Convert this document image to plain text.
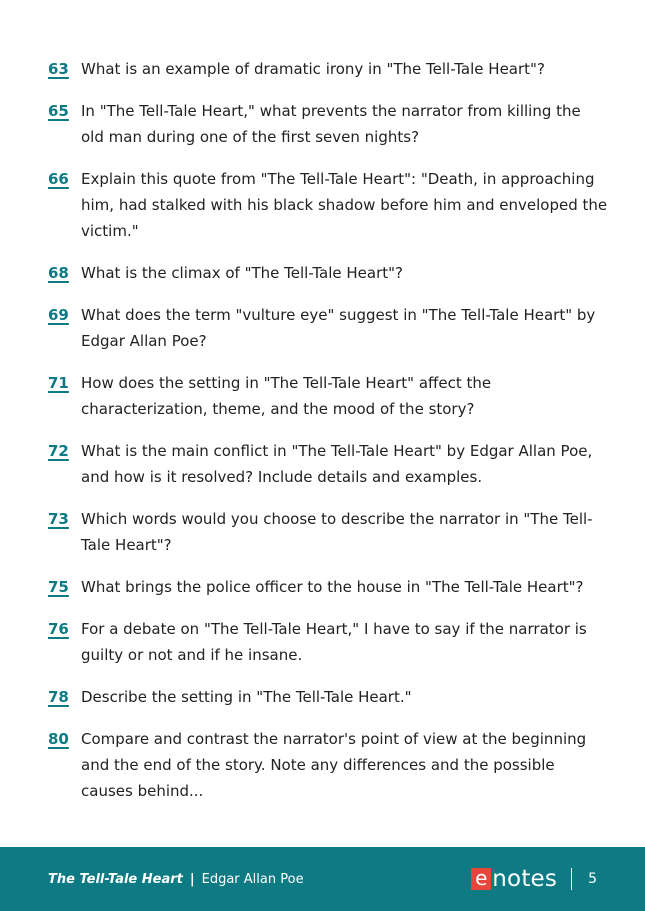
63 What is an example of dramatic irony in "The Tell-Tale Heart"?
65 In "The Tell-Tale Heart," what prevents the narrator from killing the old man during one of the first seven nights?
66 Explain this quote from "The Tell-Tale Heart": "Death, in approaching him, had stalked with his black shadow before him and enveloped the victim."
68 What is the climax of "The Tell-Tale Heart"?
69 What does the term "vulture eye" suggest in "The Tell-Tale Heart" by Edgar Allan Poe?
71 How does the setting in "The Tell-Tale Heart" affect the characterization, theme, and the mood of the story?
72 What is the main conflict in "The Tell-Tale Heart" by Edgar Allan Poe, and how is it resolved? Include details and examples.
73 Which words would you choose to describe the narrator in "The Tell-Tale Heart"?
75 What brings the police officer to the house in "The Tell-Tale Heart"?
76 For a debate on "The Tell-Tale Heart," I have to say if the narrator is guilty or not and if he insane.
78 Describe the setting in "The Tell-Tale Heart."
80 Compare and contrast the narrator's point of view at the beginning and the end of the story. Note any differences and the possible causes behind...
The Tell-Tale Heart | Edgar Allan Poe	e notes 5
